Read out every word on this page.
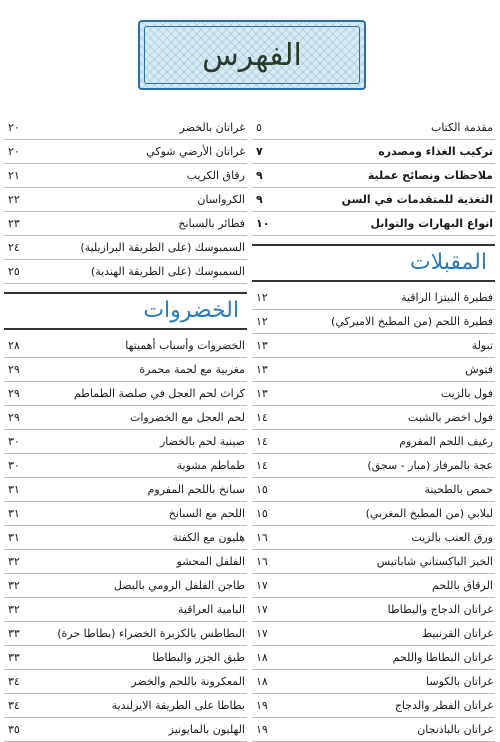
الفهرس
مقدمة الكتاب
٥
تركيب الغذاء ومصدره
٧
ملاحظات ونصائح عملية
٩
التغذية للمتقدمات في السن
٩
انواع البهارات والتوابل
١٠
المقبلات
فطيرة البيتزا الراقية
١٢
فطيرة اللحم (من المطبخ الاميركي)
١٢
تبولة
١٣
فتوش
١٣
فول بالزيت
١٣
فول اخضر بالشبت
١٤
رغيف اللحم المفروم
١٤
عجة بالمرفاز (مبار - سجق)
١٤
حمص بالطحينة
١٥
لبلابي (من المطبخ المغربي)
١٥
ورق العنب بالزيت
١٦
الخبز الباكستاني شاباتيس
١٦
الرقاق باللحم
١٧
غراتان الدجاج والبطاطا
١٧
غراتان القرنبيط
١٧
غراتان البطاطا واللحم
١٨
غراتان بالكوسا
١٨
غراتان الفطر والدجاج
١٩
غراتان بالباذنجان
١٩
غراتان بالخضر
٢٠
غراتان الأرضي شوكي
٢٠
رقاق الكريب
٢١
الكرواسان
٢٢
فطائر بالسبانخ
٢٣
السمبوسك (على الطريقة البرازيلية)
٢٤
السمبوسك (على الطريقة الهندية)
٢٥
الخضروات
الخضروات وأسباب أهميتها
٢٨
مغربية مع لحمة محمرة
٢٩
كراث لحم العجل في صلصة الطماطم
٢٩
لحم العجل مع الخضروات
٢٩
صينية لحم بالخضار
٣٠
طماطم مشوية
٣٠
سبانخ باللحم المفروم
٣١
اللحم مع السبانخ
٣١
هليون مع الكفتة
٣١
الفلفل المحشو
٣٢
طاجن الفلفل الرومي بالبصل
٣٢
البامية العراقية
٣٢
البطاطس بالكزبرة الخضراء (بطاطا حرة)
٣٣
طبق الجزر والبطاطا
٣٣
المعكرونة باللحم والخضر
٣٤
بطاطا على الطريقة الايرلندية
٣٤
الهليون بالمايونيز
٣٥
